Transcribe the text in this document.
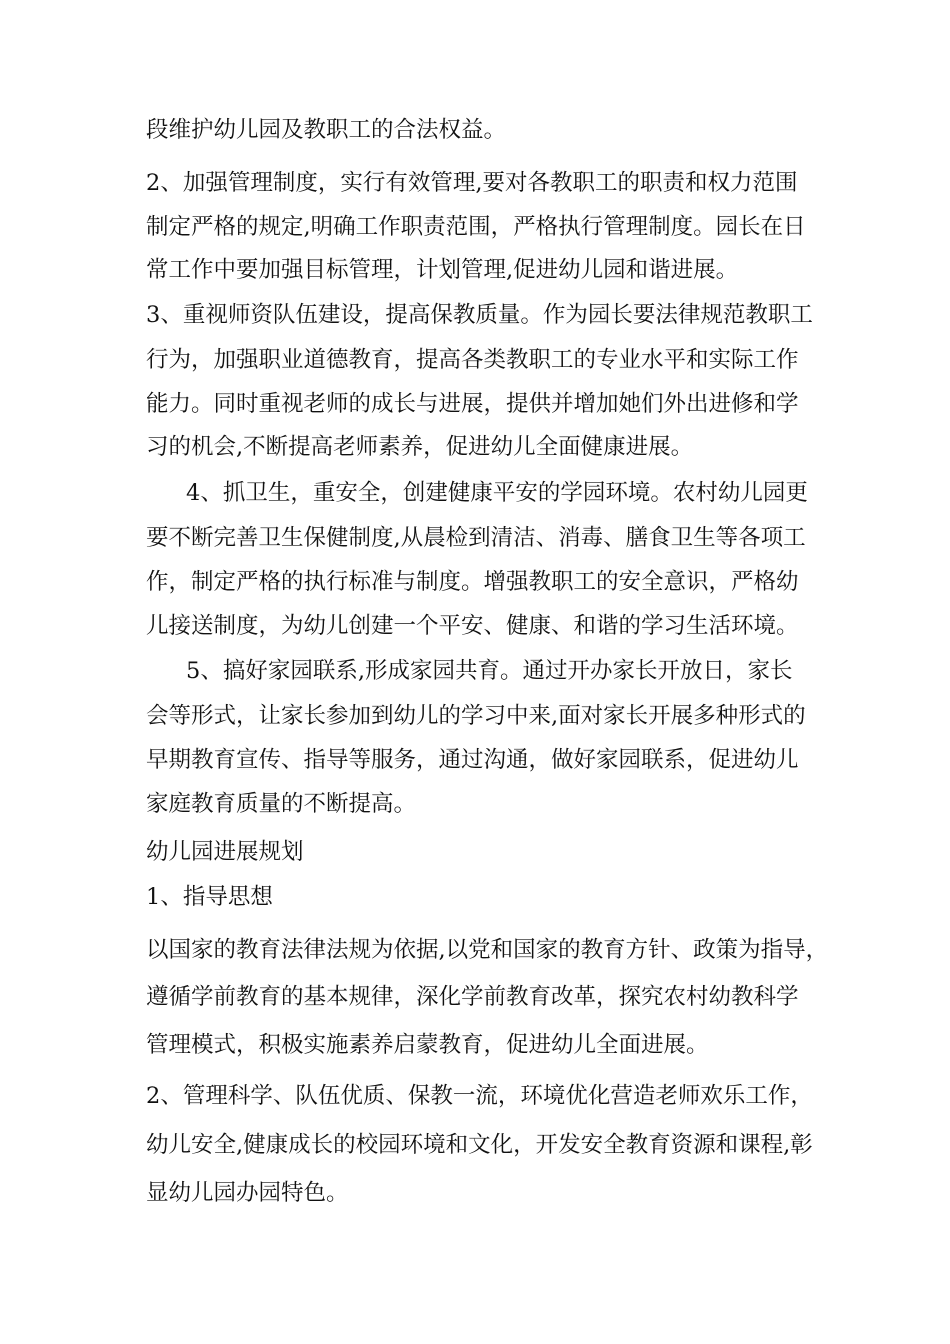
段维护幼儿园及教职工的合法权益。
2、加强管理制度，实行有效管理,要对各教职工的职责和权力范围
制定严格的规定,明确工作职责范围，严格执行管理制度。园长在日
常工作中要加强目标管理，计划管理,促进幼儿园和谐进展。
3、重视师资队伍建设，提高保教质量。作为园长要法律规范教职工
行为，加强职业道德教育，提高各类教职工的专业水平和实际工作
能力。同时重视老师的成长与进展，提供并增加她们外出进修和学
习的机会,不断提高老师素养，促进幼儿全面健康进展。
4、抓卫生，重安全，创建健康平安的学园环境。农村幼儿园更
要不断完善卫生保健制度,从晨检到清洁、消毒、膳食卫生等各项工
作，制定严格的执行标准与制度。增强教职工的安全意识，严格幼
儿接送制度，为幼儿创建一个平安、健康、和谐的学习生活环境。
5、搞好家园联系,形成家园共育。通过开办家长开放日，家长
会等形式，让家长参加到幼儿的学习中来,面对家长开展多种形式的
早期教育宣传、指导等服务，通过沟通，做好家园联系，促进幼儿
家庭教育质量的不断提高。
幼儿园进展规划
1、指导思想
以国家的教育法律法规为依据,以党和国家的教育方针、政策为指导，
遵循学前教育的基本规律，深化学前教育改革，探究农村幼教科学
管理模式，积极实施素养启蒙教育，促进幼儿全面进展。
2、管理科学、队伍优质、保教一流，环境优化营造老师欢乐工作，
幼儿安全,健康成长的校园环境和文化，开发安全教育资源和课程,彰
显幼儿园办园特色。
